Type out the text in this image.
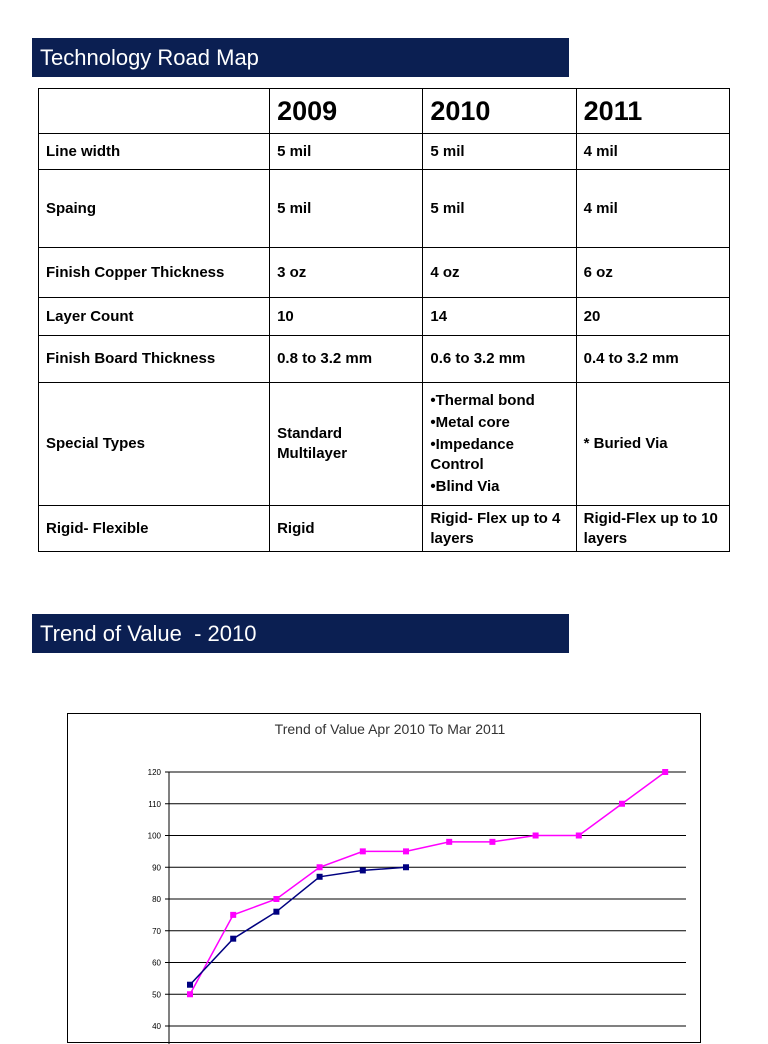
Technology Road Map
	2009	2010	2011
Line width	5 mil	5 mil	4 mil
Spaing	5 mil	5 mil	4 mil
Finish Copper Thickness	3 oz	4 oz	6 oz
Layer Count	10	14	20
Finish Board Thickness	0.8 to 3.2 mm	0.6 to 3.2 mm	0.4 to 3.2 mm
Special Types	Standard Multilayer	•Thermal bond
•Metal core
•Impedance Control
•Blind Via	* Buried Via
Rigid- Flexible	Rigid	Rigid- Flex up to 4 layers	Rigid-Flex up to 10 layers
Trend of Value  - 2010
Trend of Value Apr 2010 To Mar 2011
40
50
60
70
80
90
100
110
120
